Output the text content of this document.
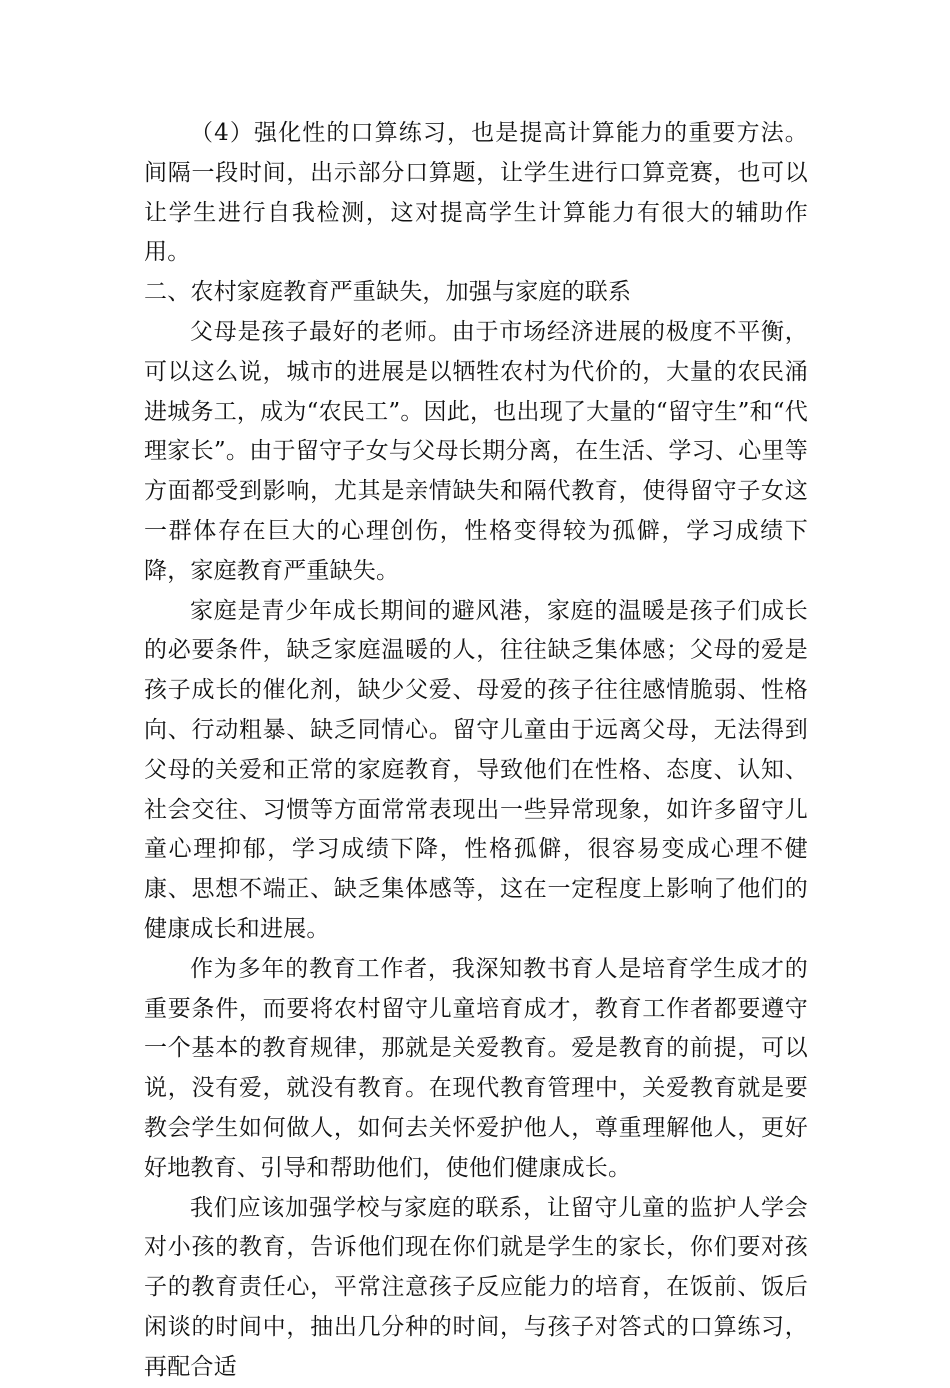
（4）强化性的口算练习，也是提高计算能力的重要方法。间隔一段时间，出示部分口算题，让学生进行口算竞赛，也可以让学生进行自我检测，这对提高学生计算能力有很大的辅助作用。

二、农村家庭教育严重缺失，加强与家庭的联系

父母是孩子最好的老师。由于市场经济进展的极度不平衡，可以这么说，城市的进展是以牺牲农村为代价的，大量的农民涌进城务工，成为“农民工”。因此，也出现了大量的“留守生”和“代理家长”。由于留守子女与父母长期分离，在生活、学习、心里等方面都受到影响，尤其是亲情缺失和隔代教育，使得留守子女这一群体存在巨大的心理创伤，性格变得较为孤僻，学习成绩下降，家庭教育严重缺失。

家庭是青少年成长期间的避风港，家庭的温暖是孩子们成长的必要条件，缺乏家庭温暖的人，往往缺乏集体感；父母的爱是孩子成长的催化剂，缺少父爱、母爱的孩子往往感情脆弱、性格向、行动粗暴、缺乏同情心。留守儿童由于远离父母，无法得到父母的关爱和正常的家庭教育，导致他们在性格、态度、认知、社会交往、习惯等方面常常表现出一些异常现象，如许多留守儿童心理抑郁，学习成绩下降，性格孤僻，很容易变成心理不健康、思想不端正、缺乏集体感等，这在一定程度上影响了他们的健康成长和进展。

作为多年的教育工作者，我深知教书育人是培育学生成才的重要条件，而要将农村留守儿童培育成才，教育工作者都要遵守一个基本的教育规律，那就是关爱教育。爱是教育的前提，可以说，没有爱，就没有教育。在现代教育管理中，关爱教育就是要教会学生如何做人，如何去关怀爱护他人，尊重理解他人，更好好地教育、引导和帮助他们，使他们健康成长。

我们应该加强学校与家庭的联系，让留守儿童的监护人学会对小孩的教育，告诉他们现在你们就是学生的家长，你们要对孩子的教育责任心，平常注意孩子反应能力的培育，在饭前、饭后闲谈的时间中，抽出几分种的时间，与孩子对答式的口算练习，再配合适
